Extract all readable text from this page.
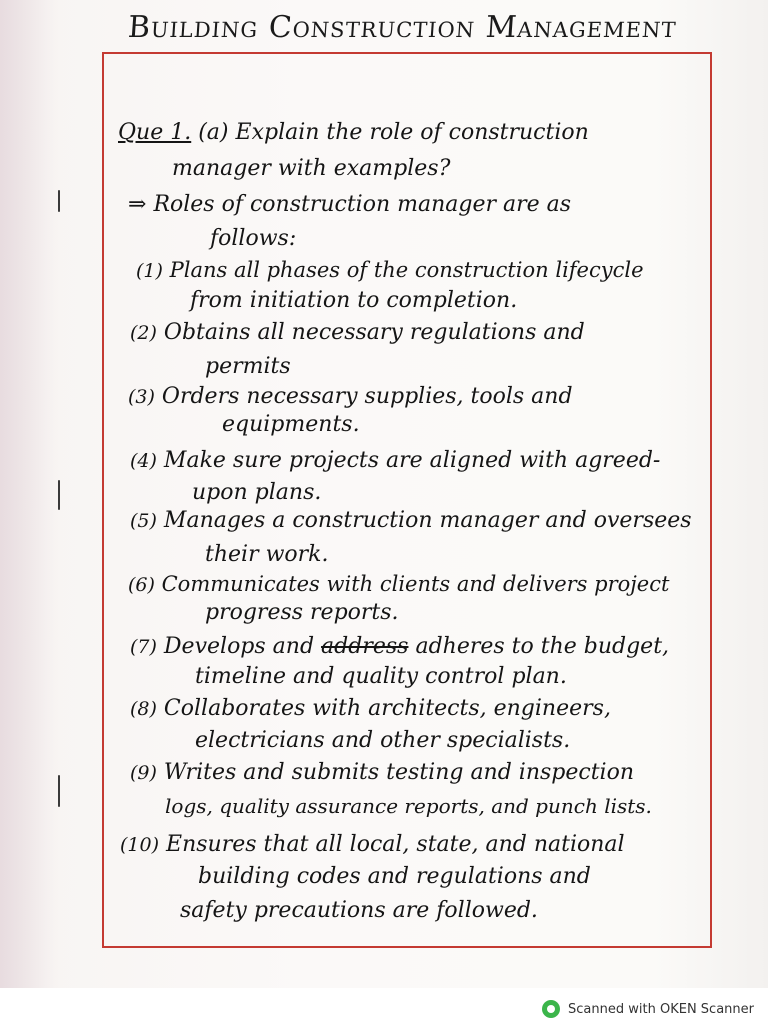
Building Construction Management
Que 1. (a) Explain the role of construction
manager with examples?
⇒ Roles of construction manager are as
follows:
(1) Plans all phases of the construction lifecycle
from initiation to completion.
(2) Obtains all necessary regulations and
permits
(3) Orders necessary supplies, tools and
equipments.
(4) Make sure projects are aligned with agreed-
upon plans.
(5) Manages a construction manager and oversees
their work.
(6) Communicates with clients and delivers project
progress reports.
(7) Develops and address adheres to the budget,
timeline and quality control plan.
(8) Collaborates with architects, engineers,
electricians and other specialists.
(9) Writes and submits testing and inspection
logs, quality assurance reports, and punch lists.
(10) Ensures that all local, state, and national
building codes and regulations and
safety precautions are followed.
Scanned with OKEN Scanner
